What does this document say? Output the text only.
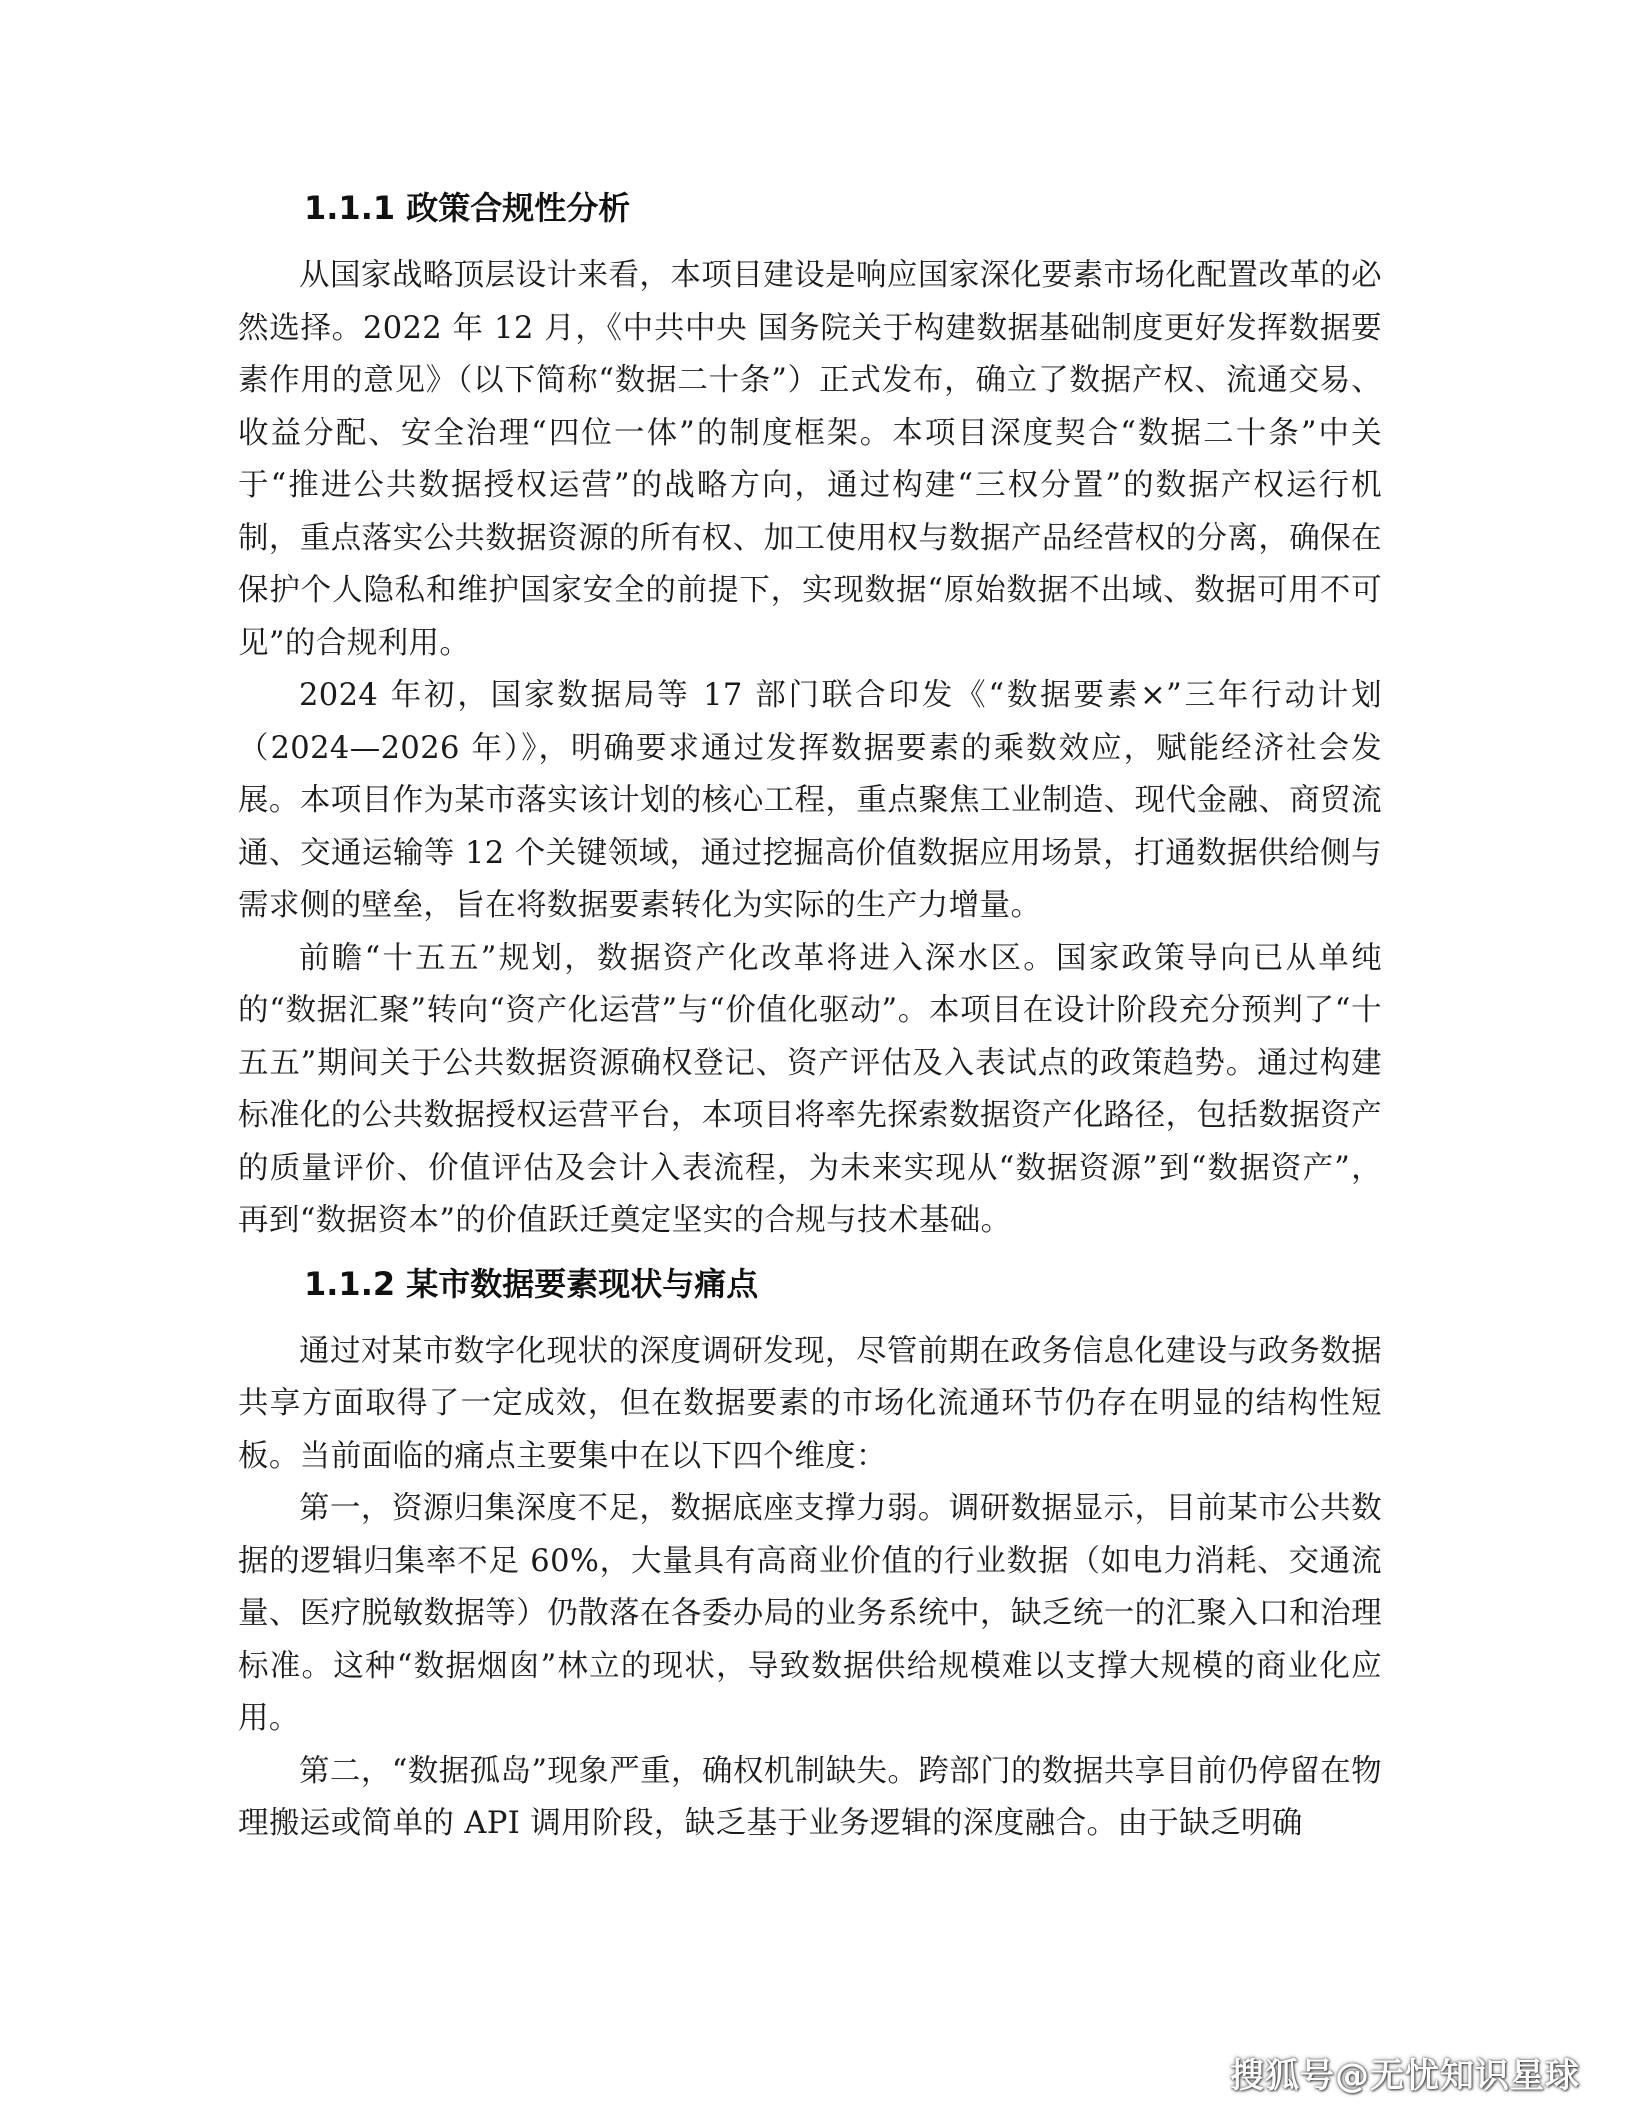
1.1.1 政策合规性分析

从国家战略顶层设计来看，本项目建设是响应国家深化要素市场化配置改革的必然选择。2022 年 12 月，《中共中央 国务院关于构建数据基础制度更好发挥数据要素作用的意见》（以下简称“数据二十条”）正式发布，确立了数据产权、流通交易、收益分配、安全治理“四位一体”的制度框架。本项目深度契合“数据二十条”中关于“推进公共数据授权运营”的战略方向，通过构建“三权分置”的数据产权运行机制，重点落实公共数据资源的所有权、加工使用权与数据产品经营权的分离，确保在保护个人隐私和维护国家安全的前提下，实现数据“原始数据不出域、数据可用不可见”的合规利用。

2024 年初，国家数据局等 17 部门联合印发《“数据要素×”三年行动计划（2024—2026 年）》，明确要求通过发挥数据要素的乘数效应，赋能经济社会发展。本项目作为某市落实该计划的核心工程，重点聚焦工业制造、现代金融、商贸流通、交通运输等 12 个关键领域，通过挖掘高价值数据应用场景，打通数据供给侧与需求侧的壁垒，旨在将数据要素转化为实际的生产力增量。

前瞻“十五五”规划，数据资产化改革将进入深水区。国家政策导向已从单纯的“数据汇聚”转向“资产化运营”与“价值化驱动”。本项目在设计阶段充分预判了“十五五”期间关于公共数据资源确权登记、资产评估及入表试点的政策趋势。通过构建标准化的公共数据授权运营平台，本项目将率先探索数据资产化路径，包括数据资产的质量评价、价值评估及会计入表流程，为未来实现从“数据资源”到“数据资产”，再到“数据资本”的价值跃迁奠定坚实的合规与技术基础。

1.1.2 某市数据要素现状与痛点

通过对某市数字化现状的深度调研发现，尽管前期在政务信息化建设与政务数据共享方面取得了一定成效，但在数据要素的市场化流通环节仍存在明显的结构性短板。当前面临的痛点主要集中在以下四个维度：

第一，资源归集深度不足，数据底座支撑力弱。调研数据显示，目前某市公共数据的逻辑归集率不足 60%，大量具有高商业价值的行业数据（如电力消耗、交通流量、医疗脱敏数据等）仍散落在各委办局的业务系统中，缺乏统一的汇聚入口和治理标准。这种“数据烟囱”林立的现状，导致数据供给规模难以支撑大规模的商业化应用。

第二，“数据孤岛”现象严重，确权机制缺失。跨部门的数据共享目前仍停留在物理搬运或简单的 API 调用阶段，缺乏基于业务逻辑的深度融合。由于缺乏明确

搜狐号@无忧知识星球
